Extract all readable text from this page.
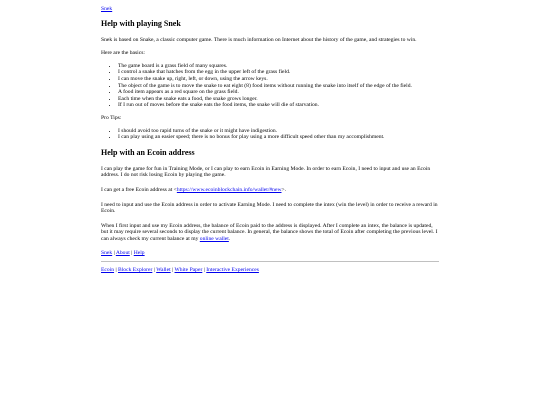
Snek
Help with playing Snek

Snek is based on Snake, a classic computer game. There is much information on Internet about the history of the game, and strategies to win.

Here are the basics:

• The game board is a grass field of many squares.
• I control a snake that hatches from the egg in the upper left of the grass field.
• I can move the snake up, right, left, or down, using the arrow keys.
• The object of the game is to move the snake to eat eight (8) food items without running the snake into itself of the edge of the field.
• A food item appears as a red square on the grass field.
• Each time when the snake eats a food, the snake grows longer.
• If I run out of moves before the snake eats the food items, the snake will die of starvation.

Pro Tips:

• I should avoid too rapid turns of the snake or it might have indigestion.
• I can play using an easier speed; there is no bonus for play using a more difficult speed other than my accomplishment.
Help with an Ecoin address

I can play the game for fun in Training Mode, or I can play to earn Ecoin in Earning Mode. In order to earn Ecoin, I need to input and use an Ecoin address. I do not risk losing Ecoin by playing the game.

I can get a free Ecoin address at <https://www.ecoinblockchain.info/wallet/#new>.

I need to input and use the Ecoin address in order to activate Earning Mode. I need to complete the intex (win the level) in order to receive a reward in Ecoin.

When I first input and use my Ecoin address, the balance of Ecoin paid to the address is displayed. After I complete an intex, the balance is updated, but it may require several seconds to display the current balance. In general, the balance shows the total of Ecoin after completing the previous level. I can always check my current balance at my online wallet.

Snek | About | Help
Ecoin | Block Explorer | Wallet | White Paper | Interactive Experiences
